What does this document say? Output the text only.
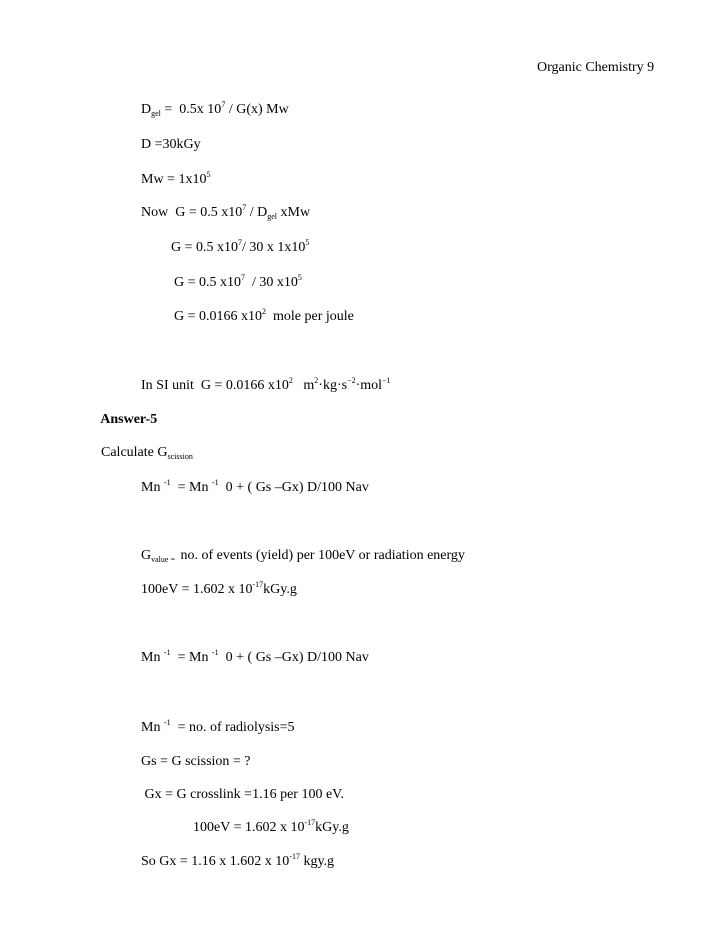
Organic Chemistry 9

$D_{gel} = 0.5x$ $10^7 / G(x)$ Mw

D =30kGy

$Mw = 1x10^5$

Now  G = 0.5 $x10^7 / D_{gel}$ xMw

G = 0.5 $x10^7/$ 30 x $1x10^5$

G = 0.5 $x10^7 / 30$ $x10^5$

G = 0.0166 $x10^2$  mole per joule

In SI unit  G = 0.0166 $x10^2$   $m^2\cdot kg\cdot s^{-2}\cdot mol^{-1}$

Answer-5

Calculate $G_{scission}$

Mn $^{-1}$  = Mn $^{-1}$  0 + ( Gs –Gx) D/100 Nav

$G_{value =}$  no. of events (yield) per 100eV or radiation energy

100eV = 1.602 x $10^{-17}kGy.g$

Mn $^{-1}$  = Mn $^{-1}$  0 + ( Gs –Gx) D/100 Nav

Mn $^{-1}$  = no. of radiolysis=5

Gs = G scission = ?

Gx = G crosslink =1.16 per 100 eV.

100eV = 1.602 x $10^{-17}kGy.g$

So Gx = 1.16 x 1.602 x $10^{-17}$ kgy.g
